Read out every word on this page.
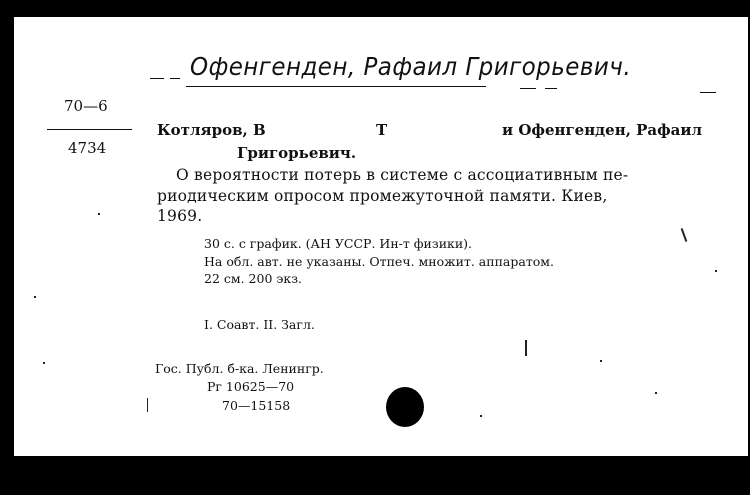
Офенгенден, Рафаил Григорьевич.
70—6
4734
Котляров, В	Т	и Офенгенден, Рафаил
Григорьевич.
О вероятности потерь в системе с ассоциативным пе-
риодическим опросом промежуточной памяти. Киев,
1969.
30 с. с график. (АН УССР. Ин-т физики).
На обл. авт. не указаны. Отпеч. множит. аппаратом.
22 см. 200 экз.
I. Соавт. II. Загл.
Гос. Публ. б-ка. Ленингр.
Рг 10625—70
70—15158
